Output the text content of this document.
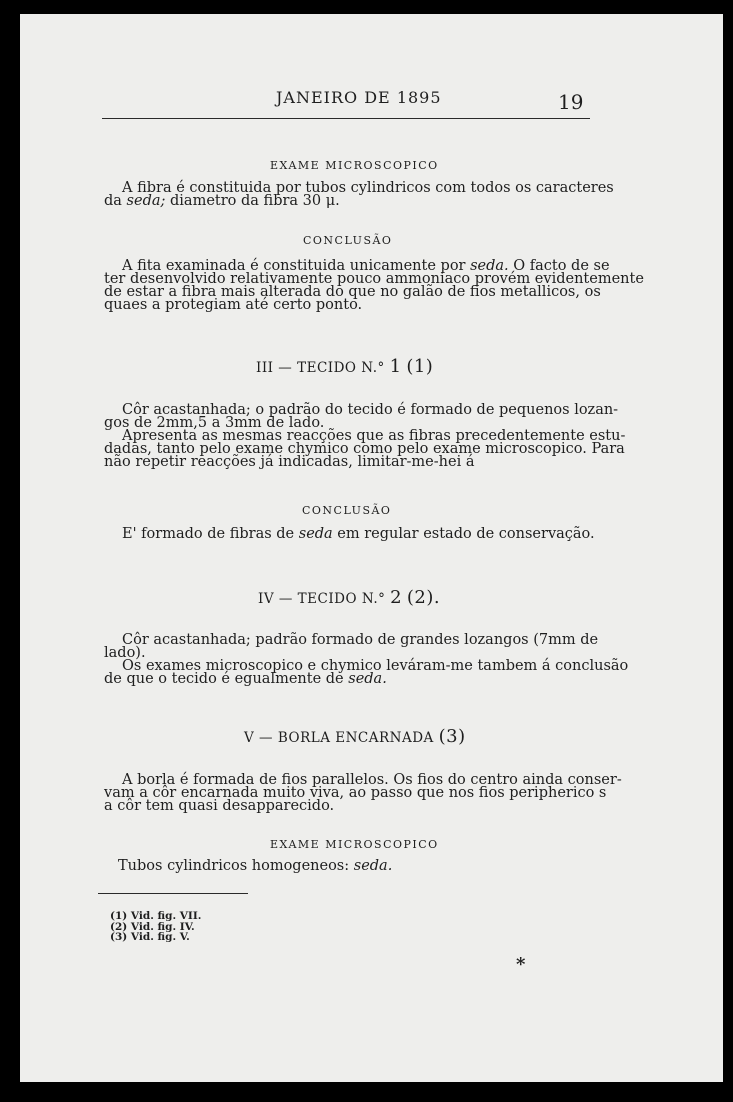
JANEIRO DE 1895	19
EXAME MICROSCOPICO
A fibra é constituida por tubos cylindricos com todos os caracteres
da seda; diametro da fibra 30 μ.
CONCLUSÃO
A fita examinada é constituida unicamente por seda. O facto de se
ter desenvolvido relativamente pouco ammoniaco provém evidentemente
de estar a fibra mais alterada do que no galão de fios metallicos, os
quaes a protegiam até certo ponto.
III — TECIDO N.° 1 (1)
Côr acastanhada; o padrão do tecido é formado de pequenos lozan-
gos de 2mm,5 a 3mm de lado.
Apresenta as mesmas reacções que as fibras precedentemente estu-
dadas, tanto pelo exame chymico como pelo exame microscopico. Para
não repetir reacções já indicadas, limitar-me-hei á
CONCLUSÃO
E' formado de fibras de seda em regular estado de conservação.
IV — TECIDO N.° 2 (2).
Côr acastanhada; padrão formado de grandes lozangos (7mm de
lado).
Os exames microscopico e chymico leváram-me tambem á conclusão
de que o tecido é egualmente de seda.
V — BORLA ENCARNADA (3)
A borla é formada de fios parallelos. Os fios do centro ainda conser-
vam a côr encarnada muito viva, ao passo que nos fios peripherico s
a côr tem quasi desapparecido.
EXAME MICROSCOPICO
Tubos cylindricos homogeneos: seda.
(1) Vid. fig. VII.
(2) Vid. fig. IV.
(3) Vid. fig. V.
*
